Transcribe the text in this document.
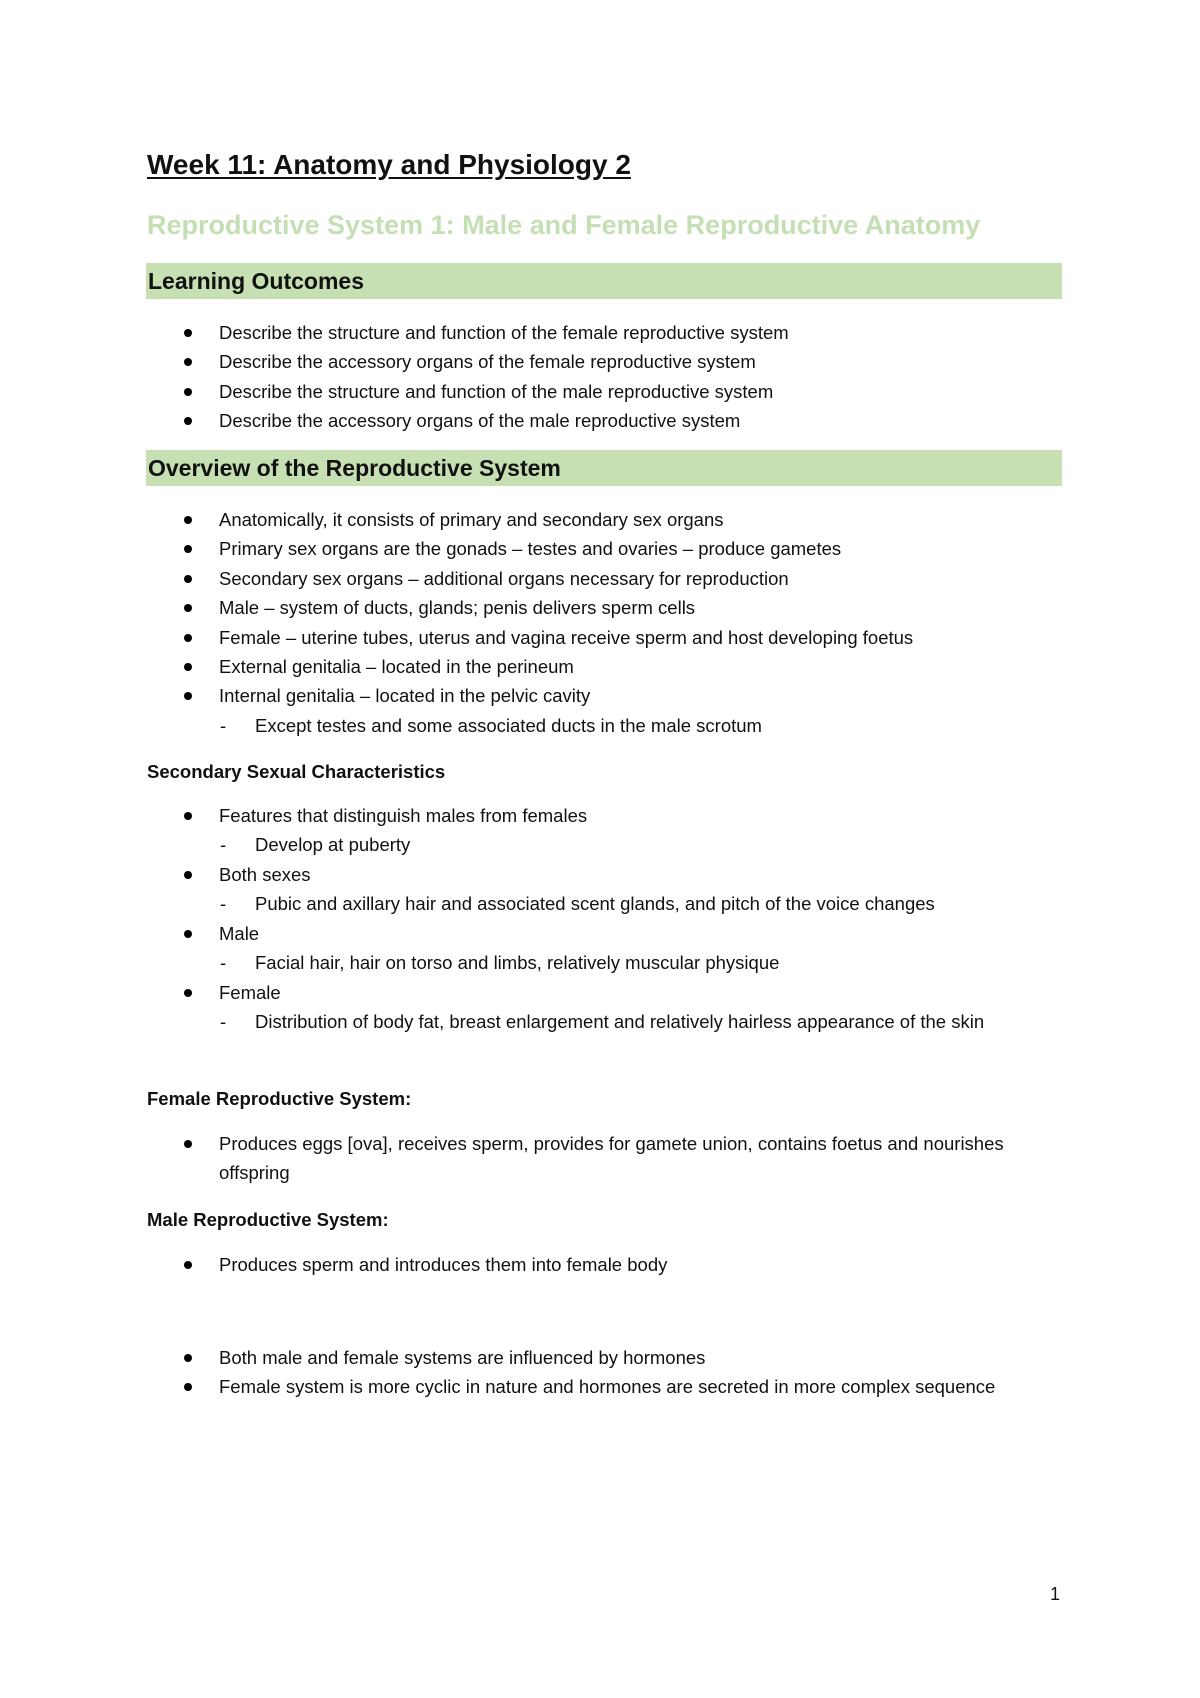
Week 11: Anatomy and Physiology 2
Reproductive System 1: Male and Female Reproductive Anatomy
Learning Outcomes
Describe the structure and function of the female reproductive system
Describe the accessory organs of the female reproductive system
Describe the structure and function of the male reproductive system
Describe the accessory organs of the male reproductive system
Overview of the Reproductive System
Anatomically, it consists of primary and secondary sex organs
Primary sex organs are the gonads – testes and ovaries – produce gametes
Secondary sex organs – additional organs necessary for reproduction
Male – system of ducts, glands; penis delivers sperm cells
Female – uterine tubes, uterus and vagina receive sperm and host developing foetus
External genitalia – located in the perineum
Internal genitalia – located in the pelvic cavity
- Except testes and some associated ducts in the male scrotum
Secondary Sexual Characteristics
Features that distinguish males from females
- Develop at puberty
Both sexes
- Pubic and axillary hair and associated scent glands, and pitch of the voice changes
Male
- Facial hair, hair on torso and limbs, relatively muscular physique
Female
- Distribution of body fat, breast enlargement and relatively hairless appearance of the skin
Female Reproductive System:
Produces eggs [ova], receives sperm, provides for gamete union, contains foetus and nourishes offspring
Male Reproductive System:
Produces sperm and introduces them into female body
Both male and female systems are influenced by hormones
Female system is more cyclic in nature and hormones are secreted in more complex sequence
1
